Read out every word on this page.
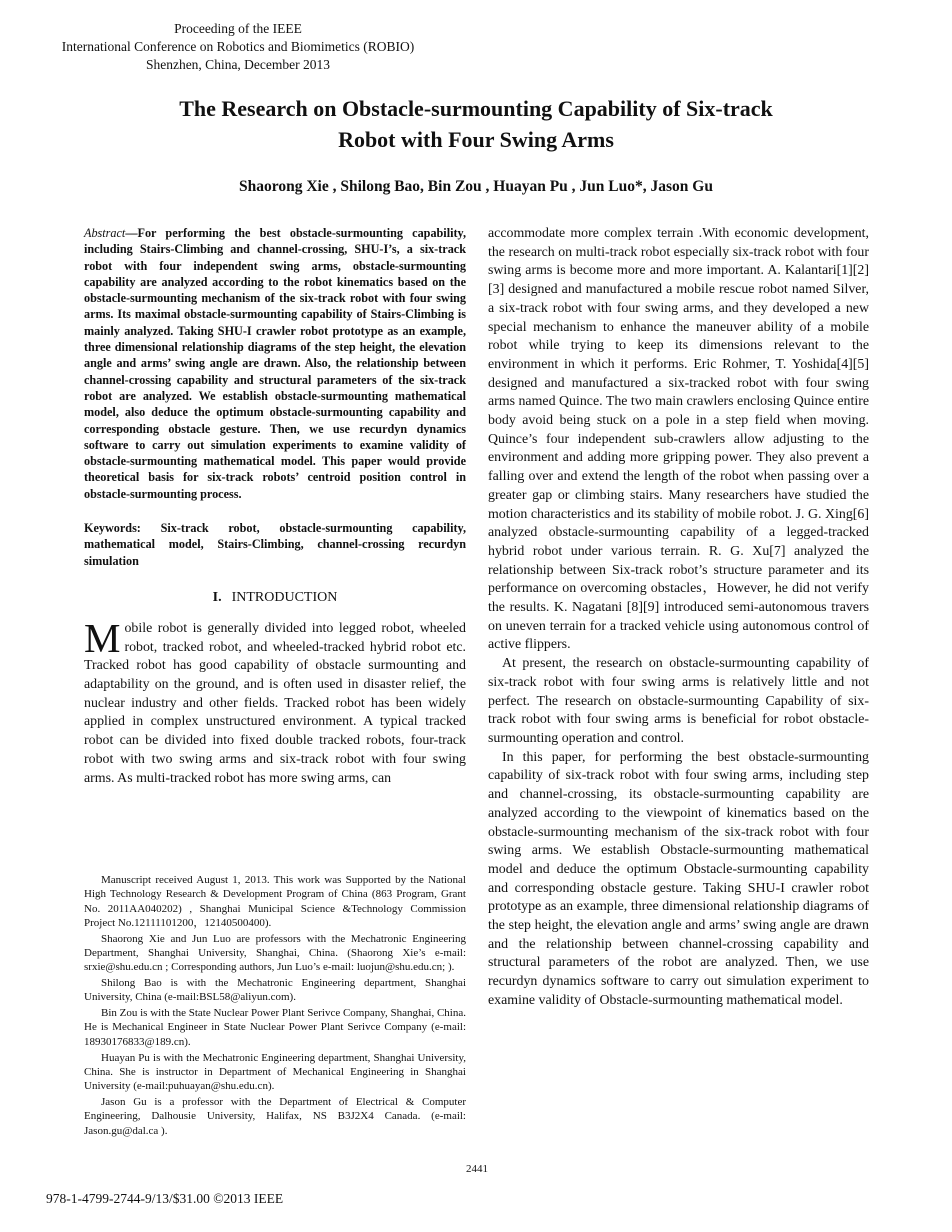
Proceeding of the IEEE
International Conference on Robotics and Biomimetics (ROBIO)
Shenzhen, China, December 2013
The Research on Obstacle-surmounting Capability of Six-track
Robot with Four Swing Arms
Shaorong Xie , Shilong Bao, Bin Zou , Huayan Pu , Jun Luo*, Jason Gu

Abstract—For performing the best obstacle-surmounting capability, including Stairs-Climbing and channel-crossing, SHU-I’s, a six-track robot with four independent swing arms, obstacle-surmounting capability are analyzed according to the robot kinematics based on the obstacle-surmounting mechanism of the six-track robot with four swing arms. Its maximal obstacle-surmounting capability of Stairs-Climbing is mainly analyzed. Taking SHU-I crawler robot prototype as an example, three dimensional relationship diagrams of the step height, the elevation angle and arms’ swing angle are drawn. Also, the relationship between channel-crossing capability and structural parameters of the six-track robot are analyzed. We establish obstacle-surmounting mathematical model, also deduce the optimum obstacle-surmounting capability and corresponding obstacle gesture. Then, we use recurdyn dynamics software to carry out simulation experiments to examine validity of obstacle-surmounting mathematical model. This paper would provide theoretical basis for six-track robots’ centroid position control in obstacle-surmounting process.

Keywords: Six-track robot, obstacle-surmounting capability, mathematical model, Stairs-Climbing, channel-crossing recurdyn simulation

I. INTRODUCTION

Mobile robot is generally divided into legged robot, wheeled robot, tracked robot, and wheeled-tracked hybrid robot etc. Tracked robot has good capability of obstacle surmounting and adaptability on the ground, and is often used in disaster relief, the nuclear industry and other fields. Tracked robot has been widely applied in complex unstructured environment. A typical tracked robot can be divided into fixed double tracked robots, four-track robot with two swing arms and six-track robot with four swing arms. As multi-tracked robot has more swing arms, can

accommodate more complex terrain .With economic development, the research on multi-track robot especially six-track robot with four swing arms is become more and more important. A. Kalantari[1][2][3] designed and manufactured a mobile rescue robot named Silver, a six-track robot with four swing arms, and they developed a new special mechanism to enhance the maneuver ability of a mobile robot while trying to keep its dimensions relevant to the environment in which it performs. Eric Rohmer, T. Yoshida[4][5] designed and manufactured a six-tracked robot with four swing arms named Quince. The two main crawlers enclosing Quince entire body avoid being stuck on a pole in a step field when moving. Quince’s four independent sub-crawlers allow adjusting to the environment and adding more gripping power. They also prevent a falling over and extend the length of the robot when passing over a greater gap or climbing stairs. Many researchers have studied the motion characteristics and its stability of mobile robot. J. G. Xing[6] analyzed obstacle-surmounting capability of a legged-tracked hybrid robot under various terrain. R. G. Xu[7] analyzed the relationship between Six-track robot’s structure parameter and its performance on overcoming obstacles，However, he did not verify the results. K. Nagatani [8][9] introduced semi-autonomous travers on uneven terrain for a tracked vehicle using autonomous control of active flippers.

At present, the research on obstacle-surmounting capability of six-track robot with four swing arms is relatively little and not perfect. The research on obstacle-surmounting Capability of six-track robot with four swing arms is beneficial for robot obstacle-surmounting operation and control.

In this paper, for performing the best obstacle-surmounting capability of six-track robot with four swing arms, including step and channel-crossing, its obstacle-surmounting capability are analyzed according to the viewpoint of kinematics based on the obstacle-surmounting mechanism of the six-track robot with four swing arms. We establish Obstacle-surmounting mathematical model and deduce the optimum Obstacle-surmounting capability and corresponding obstacle gesture. Taking SHU-I crawler robot prototype as an example, three dimensional relationship diagrams of the step height, the elevation angle and arms’ swing angle are drawn and the relationship between channel-crossing capability and structural parameters of the robot are analyzed. Then, we use recurdyn dynamics software to carry out simulation experiment to examine validity of Obstacle-surmounting mathematical model.

Manuscript received August 1, 2013. This work was Supported by the National High Technology Research & Development Program of China (863 Program, Grant No. 2011AA040202) , Shanghai Municipal Science &Technology Commission Project No.12111101200，12140500400).

Shaorong Xie and Jun Luo are professors with the Mechatronic Engineering Department, Shanghai University, Shanghai, China. (Shaorong Xie’s e-mail: srxie@shu.edu.cn ; Corresponding authors, Jun Luo’s e-mail: luojun@shu.edu.cn; ).

Shilong Bao is with the Mechatronic Engineering department, Shanghai University, China (e-mail:BSL58@aliyun.com).

Bin Zou is with the State Nuclear Power Plant Serivce Company, Shanghai, China. He is Mechanical Engineer in State Nuclear Power Plant Serivce Company (e-mail: 18930176833@189.cn).

Huayan Pu is with the Mechatronic Engineering department, Shanghai University, China. She is instructor in Department of Mechanical Engineering in Shanghai University (e-mail:puhuayan@shu.edu.cn).

Jason Gu is a professor with the Department of Electrical & Computer Engineering, Dalhousie University, Halifax, NS B3J2X4 Canada. (e-mail: Jason.gu@dal.ca ).

2441
978-1-4799-2744-9/13/$31.00 ©2013 IEEE
